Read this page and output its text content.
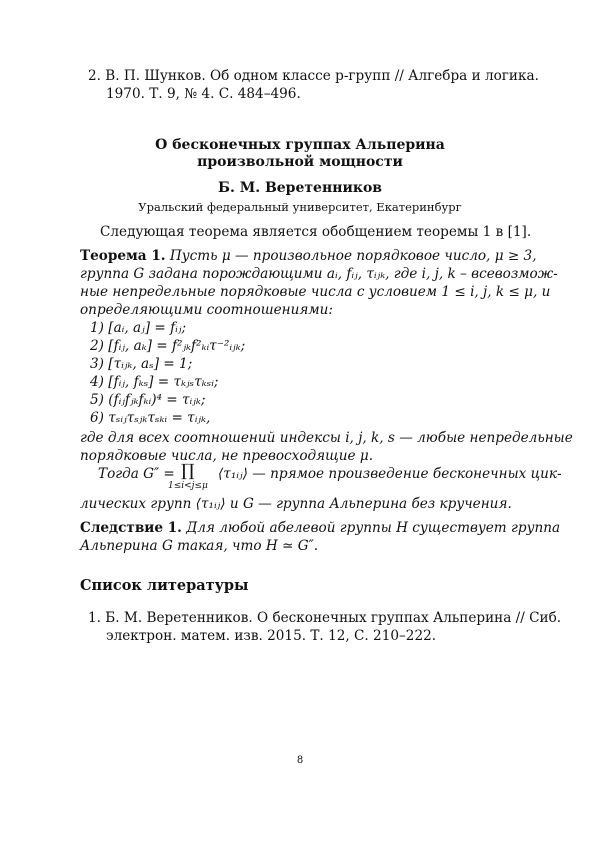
2. В. П. Шунков. Об одном классе p-групп // Алгебра и логика.
1970. Т. 9, № 4. С. 484–496.
О бесконечных группах Альперина
произвольной мощности
Б. М. Веретенников
Уральский федеральный университет, Екатеринбург
Следующая теорема является обобщением теоремы 1 в [1].
Теорема 1. Пусть μ — произвольное порядковое число, μ ≥ 3,
группа G задана порождающими aᵢ, fᵢⱼ, τᵢⱼₖ, где i, j, k – всевозмож-
ные непредельные порядковые числа с условием 1 ≤ i, j, k ≤ μ, и
определяющими соотношениями:
1) [aᵢ, aⱼ] = fᵢⱼ;
2) [fᵢⱼ, aₖ] = f²ⱼₖf²ₖᵢτ⁻²ᵢⱼₖ;
3) [τᵢⱼₖ, aₛ] = 1;
4) [fᵢⱼ, fₖₛ] = τₖⱼₛτₖₛᵢ;
5) (fᵢⱼfⱼₖfₖᵢ)⁴ = τᵢⱼₖ;
6) τₛᵢⱼτₛⱼₖτₛₖᵢ = τᵢⱼₖ,
где для всех соотношений индексы i, j, k, s — любые непредельные
порядковые числа, не превосходящие μ.
Тогда G″ = ∏
1≤i<j≤μ
⟨τ₁ᵢⱼ⟩ — прямое произведение бесконечных цик-
лических групп ⟨τ₁ᵢⱼ⟩ и G — группа Альперина без кручения.
Следствие 1. Для любой абелевой группы H существует группа
Альперина G такая, что H ≃ G″.
Список литературы
1. Б. М. Веретенников. О бесконечных группах Альперина // Сиб.
электрон. матем. изв. 2015. Т. 12, С. 210–222.
8
